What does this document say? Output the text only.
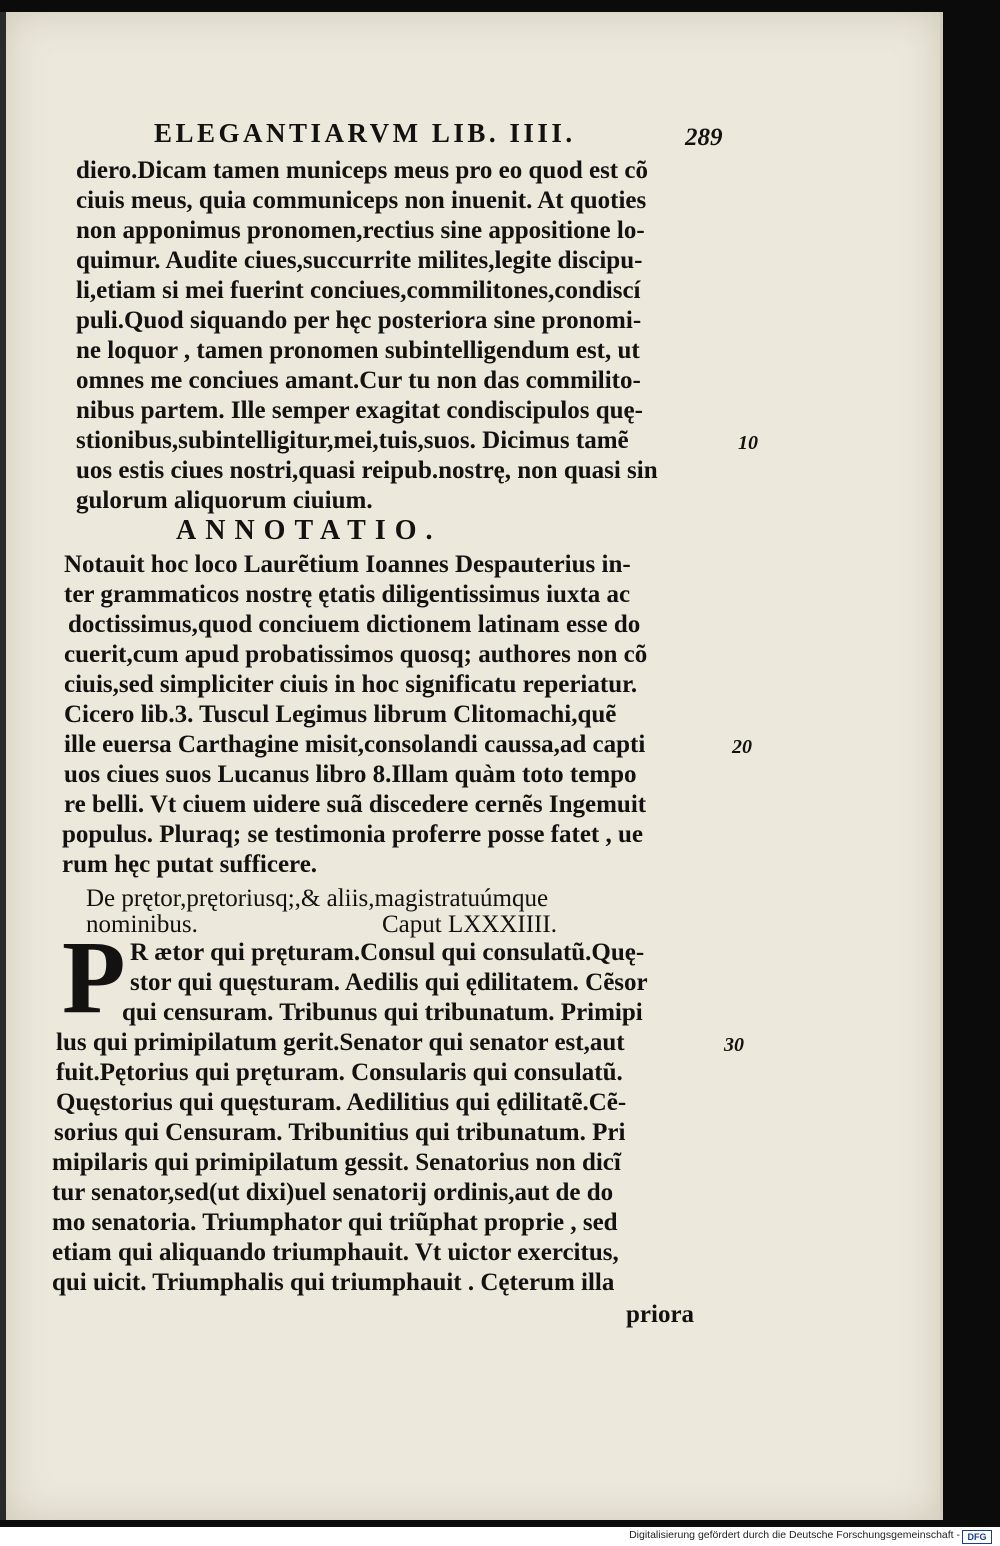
ELEGANTIARVM LIB. IIII.	289
diero.Dicam tamen municeps meus pro eo quod est cõ
ciuis meus, quia communiceps non inuenit. At quoties
non apponimus pronomen,rectius sine appositione lo-
quimur. Audite ciues,succurrite milites,legite discipu-
li,etiam si mei fuerint conciues,commilitones,condiscí
puli.Quod siquando per hęc posteriora sine pronomi-
ne loquor , tamen pronomen subintelligendum est, ut
omnes me conciues amant.Cur tu non das commilito-
nibus partem. Ille semper exagitat condiscipulos quę-
stionibus,subintelligitur,mei,tuis,suos. Dicimus tamẽ
uos estis ciues nostri,quasi reipub.nostrę, non quasi sin
gulorum aliquorum ciuium.
10
ANNOTATIO.
Notauit hoc loco Laurẽtium Ioannes Despauterius in-
ter grammaticos nostrę ętatis diligentissimus iuxta ac
doctissimus,quod conciuem dictionem latinam esse do
cuerit,cum apud probatissimos quosq; authores non cõ
ciuis,sed simpliciter ciuis in hoc significatu reperiatur.
Cicero lib.3. Tuscul Legimus librum Clitomachi,quẽ
ille euersa Carthagine misit,consolandi caussa,ad capti
uos ciues suos Lucanus libro 8.Illam quàm toto tempo
re belli. Vt ciuem uidere suã discedere cernẽs Ingemuit
populus. Pluraq; se testimonia proferre posse fatet , ue
rum hęc putat sufficere.
20
De prętor,prętoriusq;,& aliis,magistratuúmque
nominibus.	Caput LXXXIIII.
P R ætor qui pręturam.Consul qui consulatũ.Quę-
stor qui quęsturam. Aedilis qui ędilitatem. Cẽsor
qui censuram. Tribunus qui tribunatum. Primipi
lus qui primipilatum gerit.Senator qui senator est,aut
fuit.Pętorius qui pręturam. Consularis qui consulatũ.
Quęstorius qui quęsturam. Aedilitius qui ędilitatẽ.Cẽ-
sorius qui Censuram. Tribunitius qui tribunatum. Pri
mipilaris qui primipilatum gessit. Senatorius non dicĩ
tur senator,sed(ut dixi)uel senatorij ordinis,aut de do
mo senatoria. Triumphator qui triũphat proprie , sed
etiam qui aliquando triumphauit. Vt uictor exercitus,
qui uicit. Triumphalis qui triumphauit . Cęterum illa
30
priora
Digitalisierung gefördert durch die Deutsche Forschungsgemeinschaft - DFG
